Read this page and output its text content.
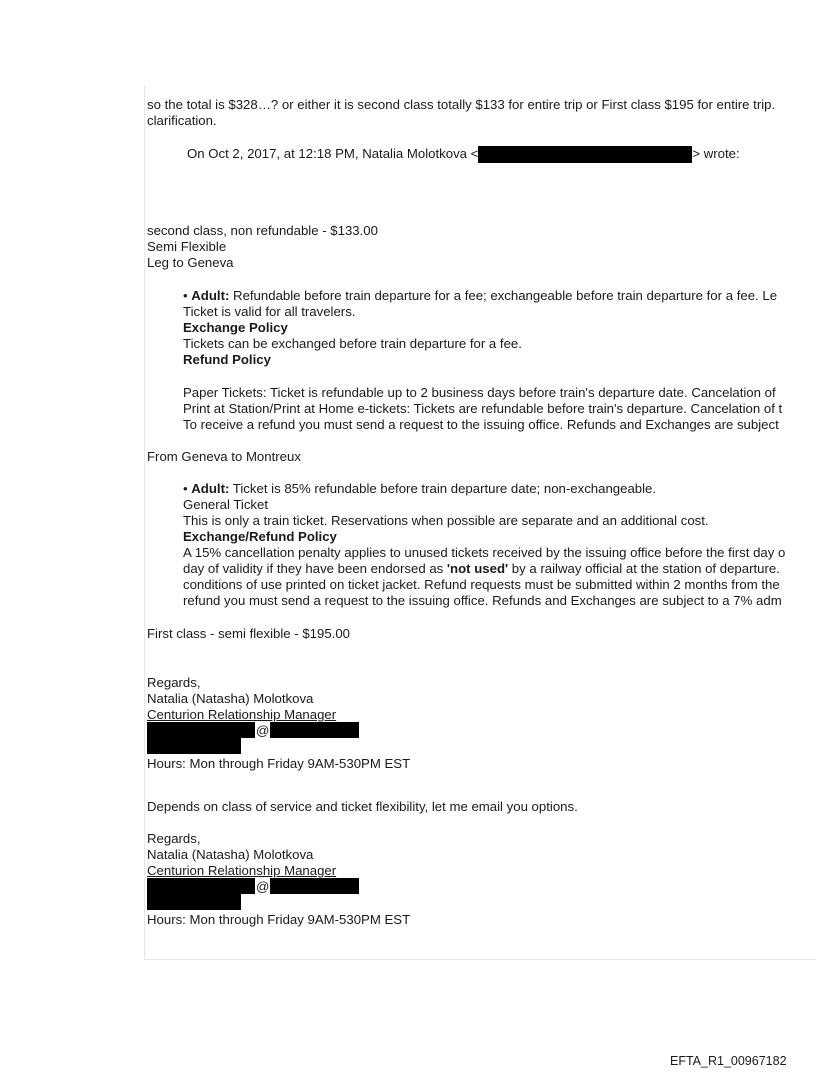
so the total is $328…? or either it is second class totally $133 for entire trip or First class $195 for entire trip.
clarification.
On Oct 2, 2017, at 12:18 PM, Natalia Molotkova <	> wrote:
second class, non refundable - $133.00
Semi Flexible
Leg to Geneva
• Adult: Refundable before train departure for a fee; exchangeable before train departure for a fee. Le
Ticket is valid for all travelers.
Exchange Policy
Tickets can be exchanged before train departure for a fee.
Refund Policy
Paper Tickets: Ticket is refundable up to 2 business days before train's departure date. Cancelation of
Print at Station/Print at Home e-tickets: Tickets are refundable before train's departure. Cancelation of t
To receive a refund you must send a request to the issuing office. Refunds and Exchanges are subject
From Geneva to Montreux
• Adult: Ticket is 85% refundable before train departure date; non-exchangeable.
General Ticket
This is only a train ticket. Reservations when possible are separate and an additional cost.
Exchange/Refund Policy
A 15% cancellation penalty applies to unused tickets received by the issuing office before the first day o
day of validity if they have been endorsed as 'not used' by a railway official at the station of departure.
conditions of use printed on ticket jacket. Refund requests must be submitted within 2 months from the
refund you must send a request to the issuing office. Refunds and Exchanges are subject to a 7% adm
First class - semi flexible - $195.00
Regards,
Natalia (Natasha) Molotkova
Centurion Relationship Manager
@
Hours: Mon through Friday 9AM-530PM EST
Depends on class of service and ticket flexibility, let me email you options.
Regards,
Natalia (Natasha) Molotkova
Centurion Relationship Manager
@
Hours: Mon through Friday 9AM-530PM EST
EFTA_R1_00967182
